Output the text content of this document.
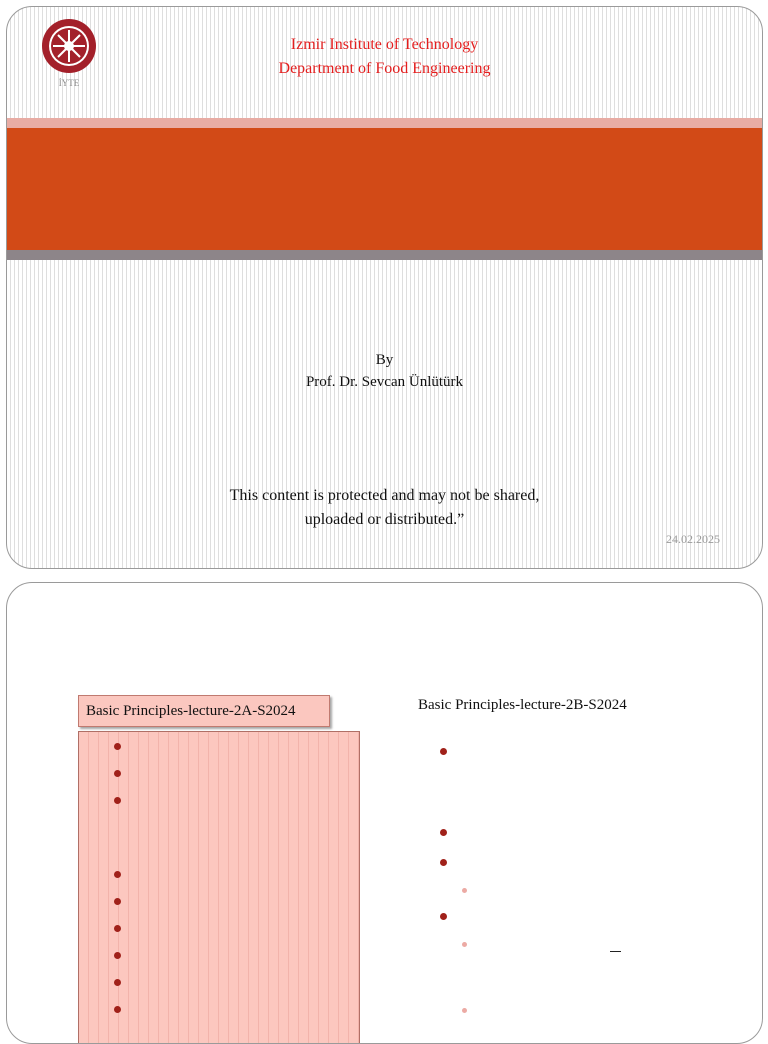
İYTE
Izmir Institute of Technology
Department of Food Engineering
By
Prof. Dr. Sevcan Ünlütürk
This content is protected and may not be shared,
uploaded or distributed.”
24.02.2025
Basic Principles-lecture-2A-S2024	Basic Principles-lecture-2B-S2024
